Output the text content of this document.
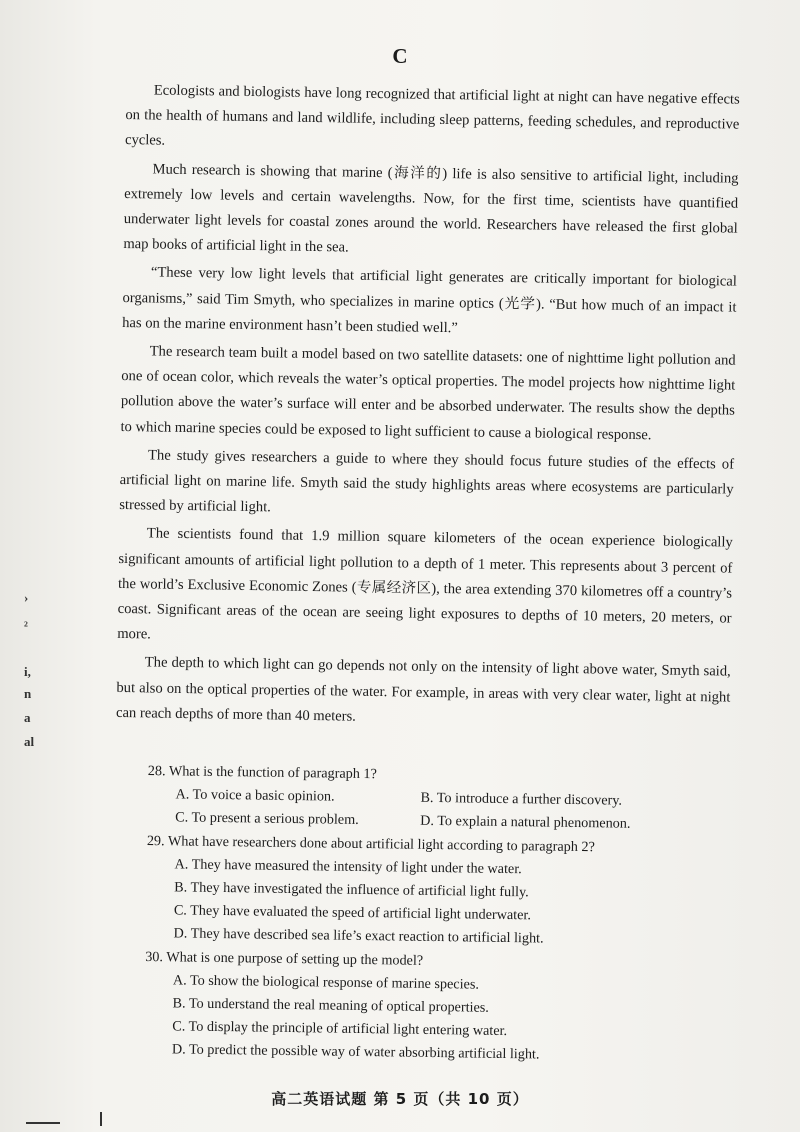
C

Ecologists and biologists have long recognized that artificial light at night can have negative effects on the health of humans and land wildlife, including sleep patterns, feeding schedules, and reproductive cycles.

Much research is showing that marine (海洋的) life is also sensitive to artificial light, including extremely low levels and certain wavelengths. Now, for the first time, scientists have quantified underwater light levels for coastal zones around the world. Researchers have released the first global map books of artificial light in the sea.

“These very low light levels that artificial light generates are critically important for biological organisms,” said Tim Smyth, who specializes in marine optics (光学). “But how much of an impact it has on the marine environment hasn’t been studied well.”

The research team built a model based on two satellite datasets: one of nighttime light pollution and one of ocean color, which reveals the water’s optical properties. The model projects how nighttime light pollution above the water’s surface will enter and be absorbed underwater. The results show the depths to which marine species could be exposed to light sufficient to cause a biological response.

The study gives researchers a guide to where they should focus future studies of the effects of artificial light on marine life. Smyth said the study highlights areas where ecosystems are particularly stressed by artificial light.

The scientists found that 1.9 million square kilometers of the ocean experience biologically significant amounts of artificial light pollution to a depth of 1 meter. This represents about 3 percent of the world’s Exclusive Economic Zones (专属经济区), the area extending 370 kilometres off a country’s coast. Significant areas of the ocean are seeing light exposures to depths of 10 meters, 20 meters, or more.

The depth to which light can go depends not only on the intensity of light above water, Smyth said, but also on the optical properties of the water. For example, in areas with very clear water, light at night can reach depths of more than 40 meters.

28. What is the function of paragraph 1?

A. To voice a basic opinion.	B. To introduce a further discovery.
C. To present a serious problem.	D. To explain a natural phenomenon.

29. What have researchers done about artificial light according to paragraph 2?

A. They have measured the intensity of light under the water.
B. They have investigated the influence of artificial light fully.
C. They have evaluated the speed of artificial light underwater.
D. They have described sea life’s exact reaction to artificial light.

30. What is one purpose of setting up the model?

A. To show the biological response of marine species.
B. To understand the real meaning of optical properties.
C. To display the principle of artificial light entering water.
D. To predict the possible way of water absorbing artificial light.
高二英语试题 第 5 页（共 10 页）
›
₂
i,
n
a
al
